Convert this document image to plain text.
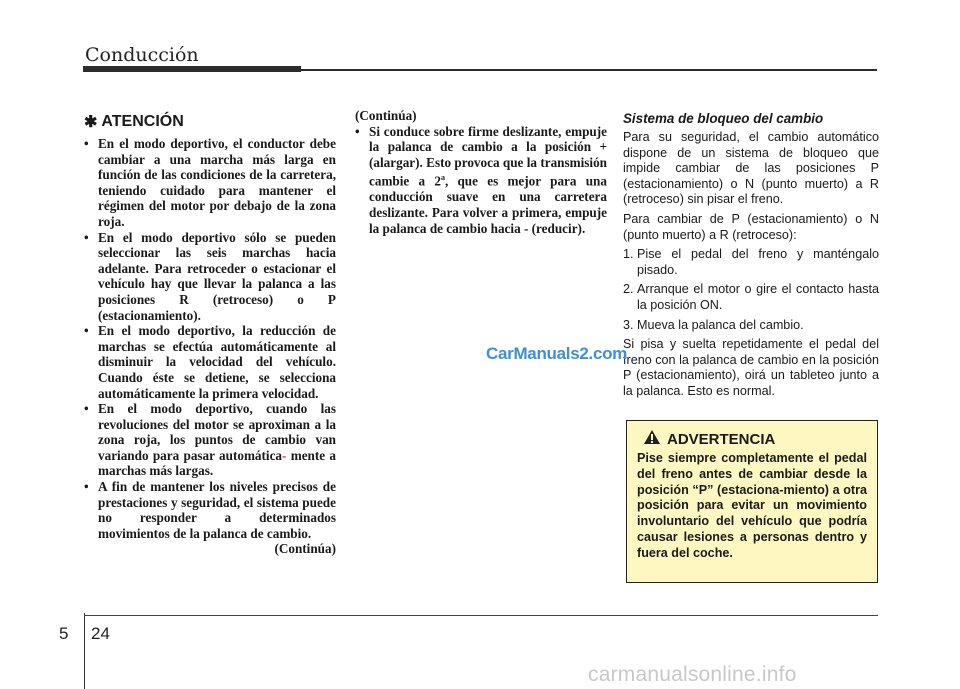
Conducción
✱ ATENCIÓN
• En el modo deportivo, el conductor debe cambiar a una marcha más larga en función de las condiciones de la carretera, teniendo cuidado para mantener el régimen del motor por debajo de la zona roja.
• En el modo deportivo sólo se pueden seleccionar las seis marchas hacia adelante. Para retroceder o estacionar el vehículo hay que llevar la palanca a las posiciones R (retroceso) o P (estacionamiento).
• En el modo deportivo, la reducción de marchas se efectúa automáticamente al disminuir la velocidad del vehículo. Cuando éste se detiene, se selecciona automáticamente la primera velocidad.
• En el modo deportivo, cuando las revoluciones del motor se aproximan a la zona roja, los puntos de cambio van variando para pasar automática- mente a marchas más largas.
• A fin de mantener los niveles precisos de prestaciones y seguridad, el sistema puede no responder a determinados movimientos de la palanca de cambio.
(Continúa)
(Continúa)
• Si conduce sobre firme deslizante, empuje la palanca de cambio a la posición + (alargar). Esto provoca que la transmisión cambie a 2$^a$, que es mejor para una conducción suave en una carretera deslizante. Para volver a primera, empuje la palanca de cambio hacia - (reducir).
Sistema de bloqueo del cambio

Para su seguridad, el cambio automático dispone de un sistema de bloqueo que impide cambiar de las posiciones P (estacionamiento) o N (punto muerto) a R (retroceso) sin pisar el freno.

Para cambiar de P (estacionamiento) o N (punto muerto) a R (retroceso):

1. Pise el pedal del freno y manténgalo pisado.
2. Arranque el motor o gire el contacto hasta la posición ON.
3. Mueva la palanca del cambio.

Si pisa y suelta repetidamente el pedal del freno con la palanca de cambio en la posición P (estacionamiento), oirá un tableteo junto a la palanca. Esto es normal.

ADVERTENCIA
Pise siempre completamente el pedal del freno antes de cambiar desde la posición “P” (estaciona-miento) a otra posición para evitar un movimiento involuntario del vehículo que podría causar lesiones a personas dentro y fuera del coche.
CarManuals2.com
5 24
carmanualsonline.info
